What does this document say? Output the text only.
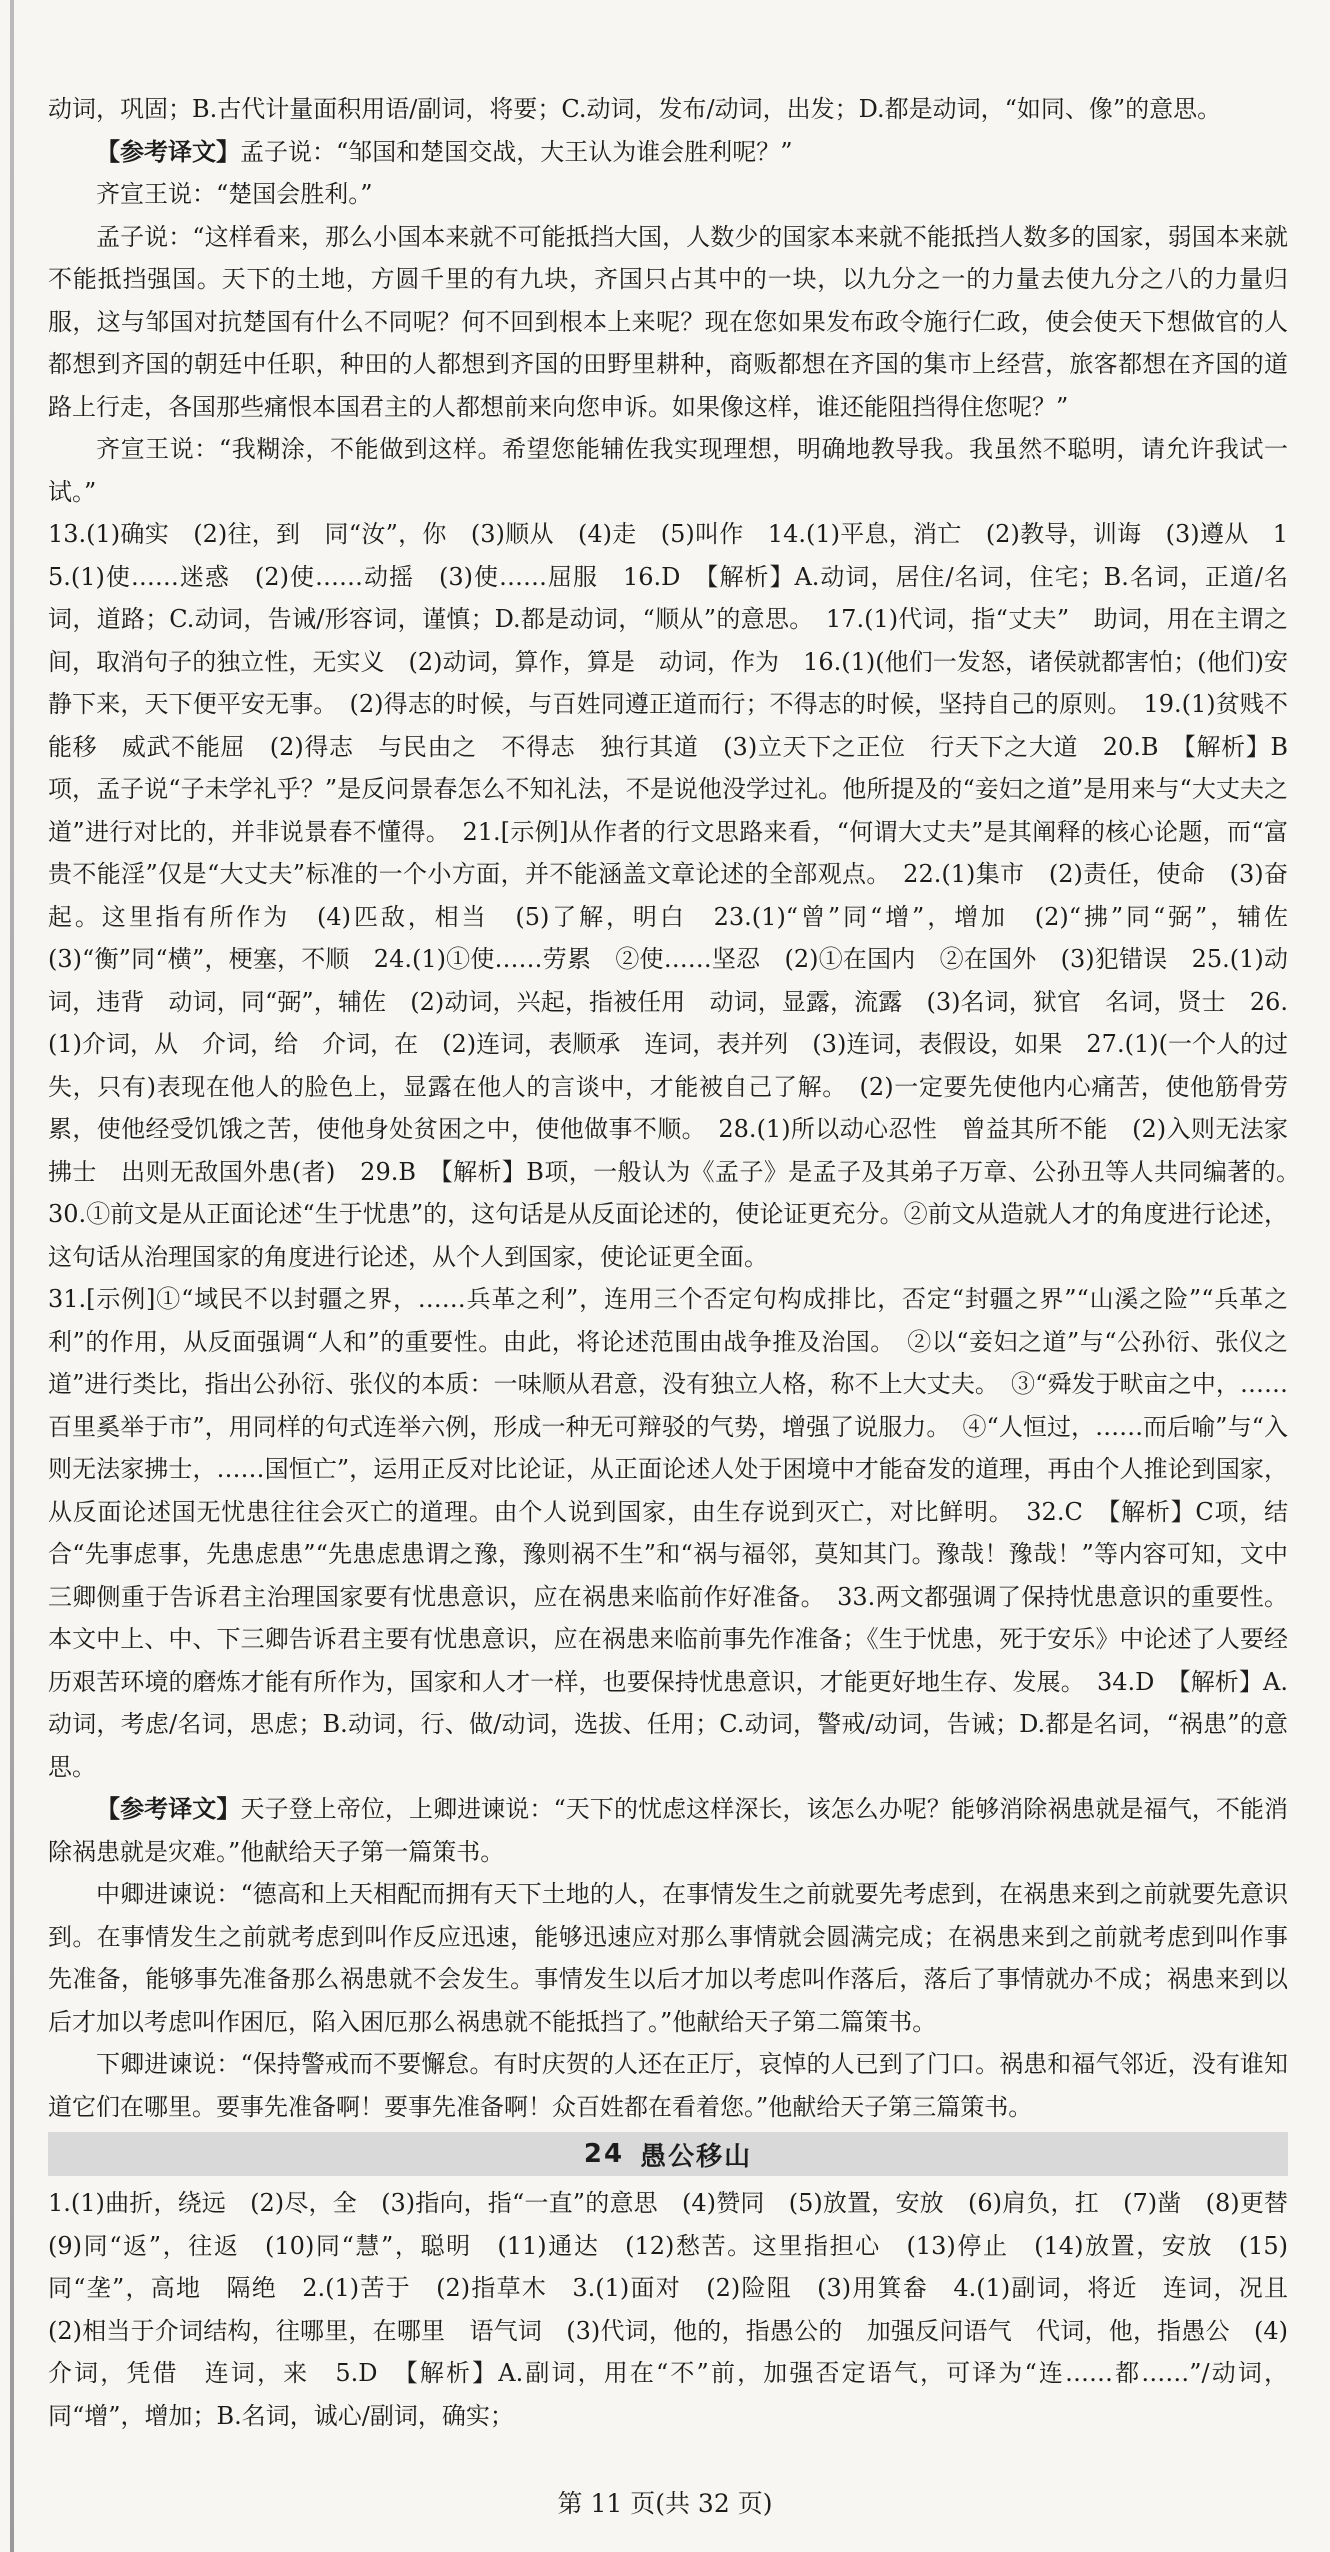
动词，巩固；B.古代计量面积用语/副词，将要；C.动词，发布/动词，出发；D.都是动词，“如同、像”的意思。

【参考译文】孟子说：“邹国和楚国交战，大王认为谁会胜利呢？”

齐宣王说：“楚国会胜利。”

孟子说：“这样看来，那么小国本来就不可能抵挡大国，人数少的国家本来就不能抵挡人数多的国家，弱国本来就不能抵挡强国。天下的土地，方圆千里的有九块，齐国只占其中的一块，以九分之一的力量去使九分之八的力量归服，这与邹国对抗楚国有什么不同呢？何不回到根本上来呢？现在您如果发布政令施行仁政，使会使天下想做官的人都想到齐国的朝廷中任职，种田的人都想到齐国的田野里耕种，商贩都想在齐国的集市上经营，旅客都想在齐国的道路上行走，各国那些痛恨本国君主的人都想前来向您申诉。如果像这样，谁还能阻挡得住您呢？”

齐宣王说：“我糊涂，不能做到这样。希望您能辅佐我实现理想，明确地教导我。我虽然不聪明，请允许我试一试。”

13.(1)确实　(2)往，到　同“汝”，你　(3)顺从　(4)走　(5)叫作　14.(1)平息，消亡　(2)教导，训诲　(3)遵从　15.(1)使……迷惑　(2)使……动摇　(3)使……屈服　16.D　【解析】A.动词，居住/名词，住宅；B.名词，正道/名词，道路；C.动词，告诫/形容词，谨慎；D.都是动词，“顺从”的意思。　17.(1)代词，指“丈夫”　助词，用在主谓之间，取消句子的独立性，无实义　(2)动词，算作，算是　动词，作为　16.(1)(他们一发怒，诸侯就都害怕；(他们)安静下来，天下便平安无事。　(2)得志的时候，与百姓同遵正道而行；不得志的时候，坚持自己的原则。　19.(1)贫贱不能移　威武不能屈　(2)得志　与民由之　不得志　独行其道　(3)立天下之正位　行天下之大道　20.B　【解析】B项，孟子说“子未学礼乎？”是反问景春怎么不知礼法，不是说他没学过礼。他所提及的“妾妇之道”是用来与“大丈夫之道”进行对比的，并非说景春不懂得。　21.[示例]从作者的行文思路来看，“何谓大丈夫”是其阐释的核心论题，而“富贵不能淫”仅是“大丈夫”标准的一个小方面，并不能涵盖文章论述的全部观点。　22.(1)集市　(2)责任，使命　(3)奋起。这里指有所作为　(4)匹敌，相当　(5)了解，明白　23.(1)“曾”同“增”，增加　(2)“拂”同“弼”，辅佐　(3)“衡”同“横”，梗塞，不顺　24.(1)①使……劳累　②使……坚忍　(2)①在国内　②在国外　(3)犯错误　25.(1)动词，违背　动词，同“弼”，辅佐　(2)动词，兴起，指被任用　动词，显露，流露　(3)名词，狱官　名词，贤士　26.(1)介词，从　介词，给　介词，在　(2)连词，表顺承　连词，表并列　(3)连词，表假设，如果　27.(1)(一个人的过失，只有)表现在他人的脸色上，显露在他人的言谈中，才能被自己了解。　(2)一定要先使他内心痛苦，使他筋骨劳累，使他经受饥饿之苦，使他身处贫困之中，使他做事不顺。　28.(1)所以动心忍性　曾益其所不能　(2)入则无法家拂士　出则无敌国外患(者)　29.B　【解析】B项，一般认为《孟子》是孟子及其弟子万章、公孙丑等人共同编著的。　30.①前文是从正面论述“生于忧患”的，这句话是从反面论述的，使论证更充分。②前文从造就人才的角度进行论述，这句话从治理国家的角度进行论述，从个人到国家，使论证更全面。

31.[示例]①“域民不以封疆之界，……兵革之利”，连用三个否定句构成排比，否定“封疆之界”“山溪之险”“兵革之利”的作用，从反面强调“人和”的重要性。由此，将论述范围由战争推及治国。　②以“妾妇之道”与“公孙衍、张仪之道”进行类比，指出公孙衍、张仪的本质：一味顺从君意，没有独立人格，称不上大丈夫。　③“舜发于畎亩之中，……百里奚举于市”，用同样的句式连举六例，形成一种无可辩驳的气势，增强了说服力。　④“人恒过，……而后喻”与“入则无法家拂士，……国恒亡”，运用正反对比论证，从正面论述人处于困境中才能奋发的道理，再由个人推论到国家，从反面论述国无忧患往往会灭亡的道理。由个人说到国家，由生存说到灭亡，对比鲜明。　32.C　【解析】C项，结合“先事虑事，先患虑患”“先患虑患谓之豫，豫则祸不生”和“祸与福邻，莫知其门。豫哉！豫哉！”等内容可知，文中三卿侧重于告诉君主治理国家要有忧患意识，应在祸患来临前作好准备。　33.两文都强调了保持忧患意识的重要性。本文中上、中、下三卿告诉君主要有忧患意识，应在祸患来临前事先作准备；《生于忧患，死于安乐》中论述了人要经历艰苦环境的磨炼才能有所作为，国家和人才一样，也要保持忧患意识，才能更好地生存、发展。　34.D　【解析】A.动词，考虑/名词，思虑；B.动词，行、做/动词，选拔、任用；C.动词，警戒/动词，告诫；D.都是名词，“祸患”的意思。

【参考译文】天子登上帝位，上卿进谏说：“天下的忧虑这样深长，该怎么办呢？能够消除祸患就是福气，不能消除祸患就是灾难。”他献给天子第一篇策书。

中卿进谏说：“德高和上天相配而拥有天下土地的人，在事情发生之前就要先考虑到，在祸患来到之前就要先意识到。在事情发生之前就考虑到叫作反应迅速，能够迅速应对那么事情就会圆满完成；在祸患来到之前就考虑到叫作事先准备，能够事先准备那么祸患就不会发生。事情发生以后才加以考虑叫作落后，落后了事情就办不成；祸患来到以后才加以考虑叫作困厄，陷入困厄那么祸患就不能抵挡了。”他献给天子第二篇策书。

下卿进谏说：“保持警戒而不要懈怠。有时庆贺的人还在正厅，哀悼的人已到了门口。祸患和福气邻近，没有谁知道它们在哪里。要事先准备啊！要事先准备啊！众百姓都在看着您。”他献给天子第三篇策书。

24 愚公移山

1.(1)曲折，绕远　(2)尽，全　(3)指向，指“一直”的意思　(4)赞同　(5)放置，安放　(6)肩负，扛　(7)凿　(8)更替　(9)同“返”，往返　(10)同“慧”，聪明　(11)通达　(12)愁苦。这里指担心　(13)停止　(14)放置，安放　(15)同“垄”，高地　隔绝　2.(1)苦于　(2)指草木　3.(1)面对　(2)险阻　(3)用箕畚　4.(1)副词，将近　连词，况且　(2)相当于介词结构，往哪里，在哪里　语气词　(3)代词，他的，指愚公的　加强反问语气　代词，他，指愚公　(4)介词，凭借　连词，来　5.D　【解析】A.副词，用在“不”前，加强否定语气，可译为“连……都……”/动词，同“增”，增加；B.名词，诚心/副词，确实；

第 11 页(共 32 页)
